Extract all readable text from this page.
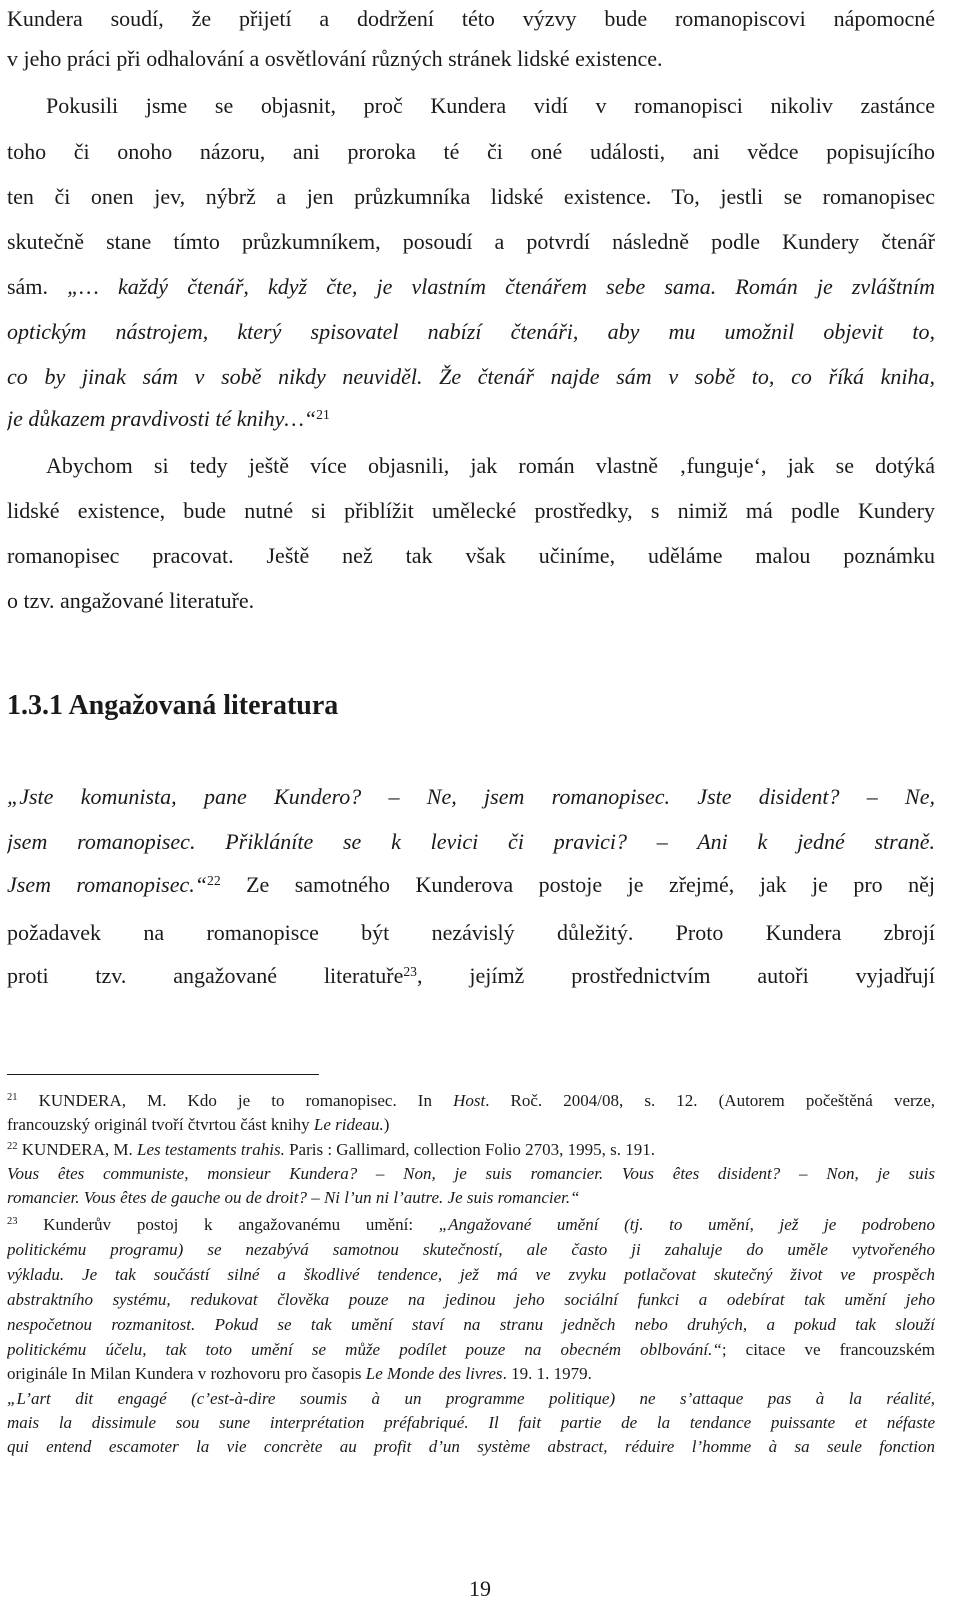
Kundera soudí, že přijetí a dodržení této výzvy bude romanopiscovi nápomocné
v jeho práci při odhalování a osvětlování různých stránek lidské existence.
Pokusili jsme se objasnit, proč Kundera vidí v romanopisci nikoliv zastánce
toho či onoho názoru, ani proroka té či oné události, ani vědce popisujícího
ten či onen jev, nýbrž a jen průzkumníka lidské existence. To, jestli se romanopisec
skutečně stane tímto průzkumníkem, posoudí a potvrdí následně podle Kundery čtenář
sám. „… každý čtenář, když čte, je vlastním čtenářem sebe sama. Román je zvláštním
optickým nástrojem, který spisovatel nabízí čtenáři, aby mu umožnil objevit to,
co by jinak sám v sobě nikdy neuviděl. Že čtenář najde sám v sobě to, co říká kniha,
je důkazem pravdivosti té knihy…“$^{21}$
Abychom si tedy ještě více objasnili, jak román vlastně ‚funguje‘, jak se dotýká
lidské existence, bude nutné si přiblížit umělecké prostředky, s nimiž má podle Kundery
romanopisec pracovat. Ještě než tak však učiníme, uděláme malou poznámku
o tzv. angažované literatuře.
1.3.1 Angažovaná literatura
„Jste komunista, pane Kundero? – Ne, jsem romanopisec. Jste disident? – Ne,
jsem romanopisec. Přikláníte se k levici či pravici? – Ani k jedné straně.
Jsem romanopisec.“$^{22}$ Ze samotného Kunderova postoje je zřejmé, jak je pro něj
požadavek na romanopisce být nezávislý důležitý. Proto Kundera zbrojí
proti tzv. angažované literatuře$^{23}$, jejímž prostřednictvím autoři vyjadřují
$^{21}$ KUNDERA, M. Kdo je to romanopisec. In Host. Roč. 2004/08, s. 12. (Autorem počeštěná verze,
francouzský originál tvoří čtvrtou část knihy Le rideau.)
$^{22}$ KUNDERA, M. Les testaments trahis. Paris : Gallimard, collection Folio 2703, 1995, s. 191.
Vous êtes communiste, monsieur Kundera? – Non, je suis romancier. Vous êtes disident? – Non, je suis
romancier. Vous êtes de gauche ou de droit? – Ni l’un ni l’autre. Je suis romancier.“
$^{23}$ Kunderův postoj k angažovanému umění: „Angažované umění (tj. to umění, jež je podrobeno
politickému programu) se nezabývá samotnou skutečností, ale často ji zahaluje do uměle vytvořeného
výkladu. Je tak součástí silné a škodlivé tendence, jež má ve zvyku potlačovat skutečný život ve prospěch
abstraktního systému, redukovat člověka pouze na jedinou jeho sociální funkci a odebírat tak umění jeho
nespočetnou rozmanitost. Pokud se tak umění staví na stranu jedněch nebo druhých, a pokud tak slouží
politickému účelu, tak toto umění se může podílet pouze na obecném oblbování.“; citace ve francouzském
originále In Milan Kundera v rozhovoru pro časopis Le Monde des livres. 19. 1. 1979.
„L’art dit engagé (c’est-à-dire soumis à un programme politique) ne s’attaque pas à la réalité,
mais la dissimule sou sune interprétation préfabriqué. Il fait partie de la tendance puissante et néfaste
qui entend escamoter la vie concrète au profit d’un système abstract, réduire l’homme à sa seule fonction
19
